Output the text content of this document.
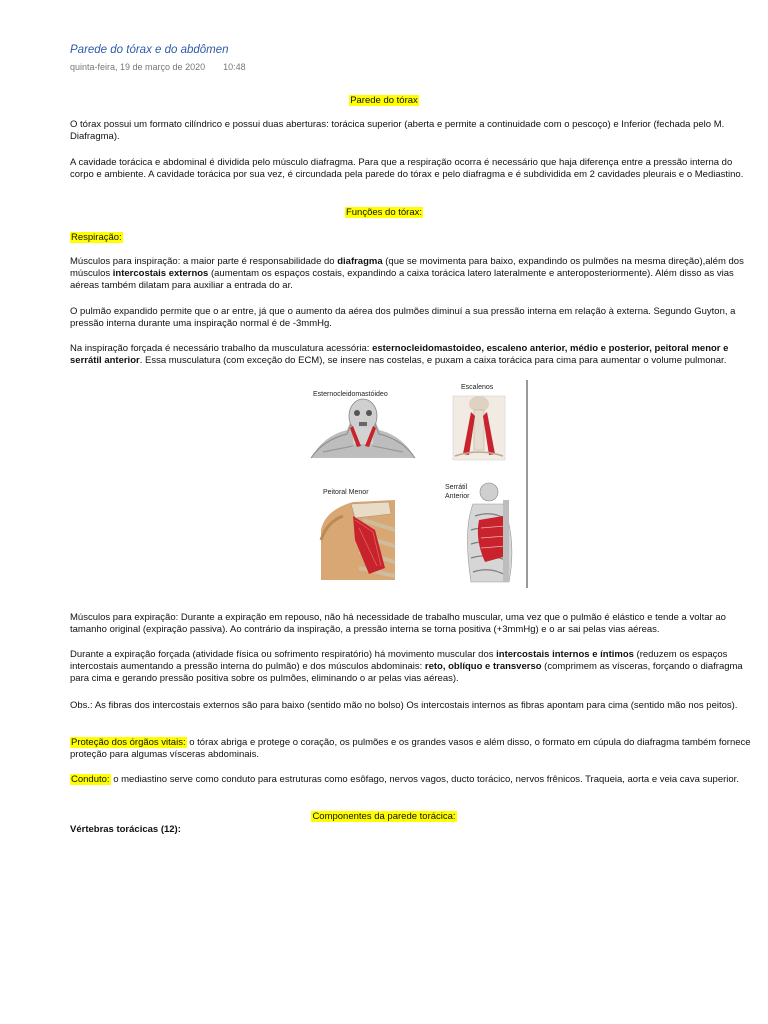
Parede do tórax e do abdômen
quinta-feira, 19 de março de 2020 10:48
Parede do tórax
O tórax possui um formato cilíndrico e possui duas aberturas: torácica superior (aberta e permite a continuidade com o pescoço) e Inferior (fechada pelo M. Diafragma).
A cavidade torácica e abdominal é dividida pelo músculo diafragma. Para que a respiração ocorra é necessário que haja diferença entre a pressão interna do corpo e ambiente. A cavidade torácica por sua vez, é circundada pela parede do tórax e pelo diafragma e é subdividida em 2 cavidades pleurais e o Mediastino.
Funções do tórax:
Respiração:
Músculos para inspiração: a maior parte é responsabilidade do diafragma (que se movimenta para baixo, expandindo os pulmões na mesma direção),além dos músculos intercostais externos (aumentam os espaços costais, expandindo a caixa torácica latero lateralmente e anteroposteriormente). Além disso as vias aéreas também dilatam para auxiliar a entrada do ar.
O pulmão expandido permite que o ar entre, já que o aumento da aérea dos pulmões diminuí a sua pressão interna em relação à externa. Segundo Guyton, a pressão interna durante uma inspiração normal é de -3mmHg.
Na inspiração forçada é necessário trabalho da musculatura acessória: esternocleidomastoideo, escaleno anterior, médio e posterior, peitoral menor e serrátil anterior. Essa musculatura (com exceção do ECM), se insere nas costelas, e puxam a caixa torácica para cima para aumentar o volume pulmonar.
Esternocleidomastóideo
Escalenos
Peitoral Menor
Serrátil
Anterior
Músculos para expiração: Durante a expiração em repouso, não há necessidade de trabalho muscular, uma vez que o pulmão é elástico e tende a voltar ao tamanho original (expiração passiva). Ao contrário da inspiração, a pressão interna se torna positiva (+3mmHg) e o ar sai pelas vias aéreas.
Durante a expiração forçada (atividade física ou sofrimento respiratório) há movimento muscular dos intercostais internos e íntimos (reduzem os espaços intercostais aumentando a pressão interna do pulmão) e dos músculos abdominais: reto, oblíquo e transverso (comprimem as vísceras, forçando o diafragma para cima e gerando pressão positiva sobre os pulmões, eliminando o ar pelas vias aéreas).
Obs.: As fibras dos intercostais externos são para baixo (sentido mão no bolso) Os intercostais internos as fibras apontam para cima (sentido mão nos peitos).
Proteção dos órgãos vitais: o tórax abriga e protege o coração, os pulmões e os grandes vasos e além disso, o formato em cúpula do diafragma também fornece proteção para algumas vísceras abdominais.
Conduto: o mediastino serve como conduto para estruturas como esôfago, nervos vagos, ducto torácico, nervos frênicos. Traqueia, aorta e veia cava superior.
Componentes da parede torácica:
Vértebras torácicas (12):
